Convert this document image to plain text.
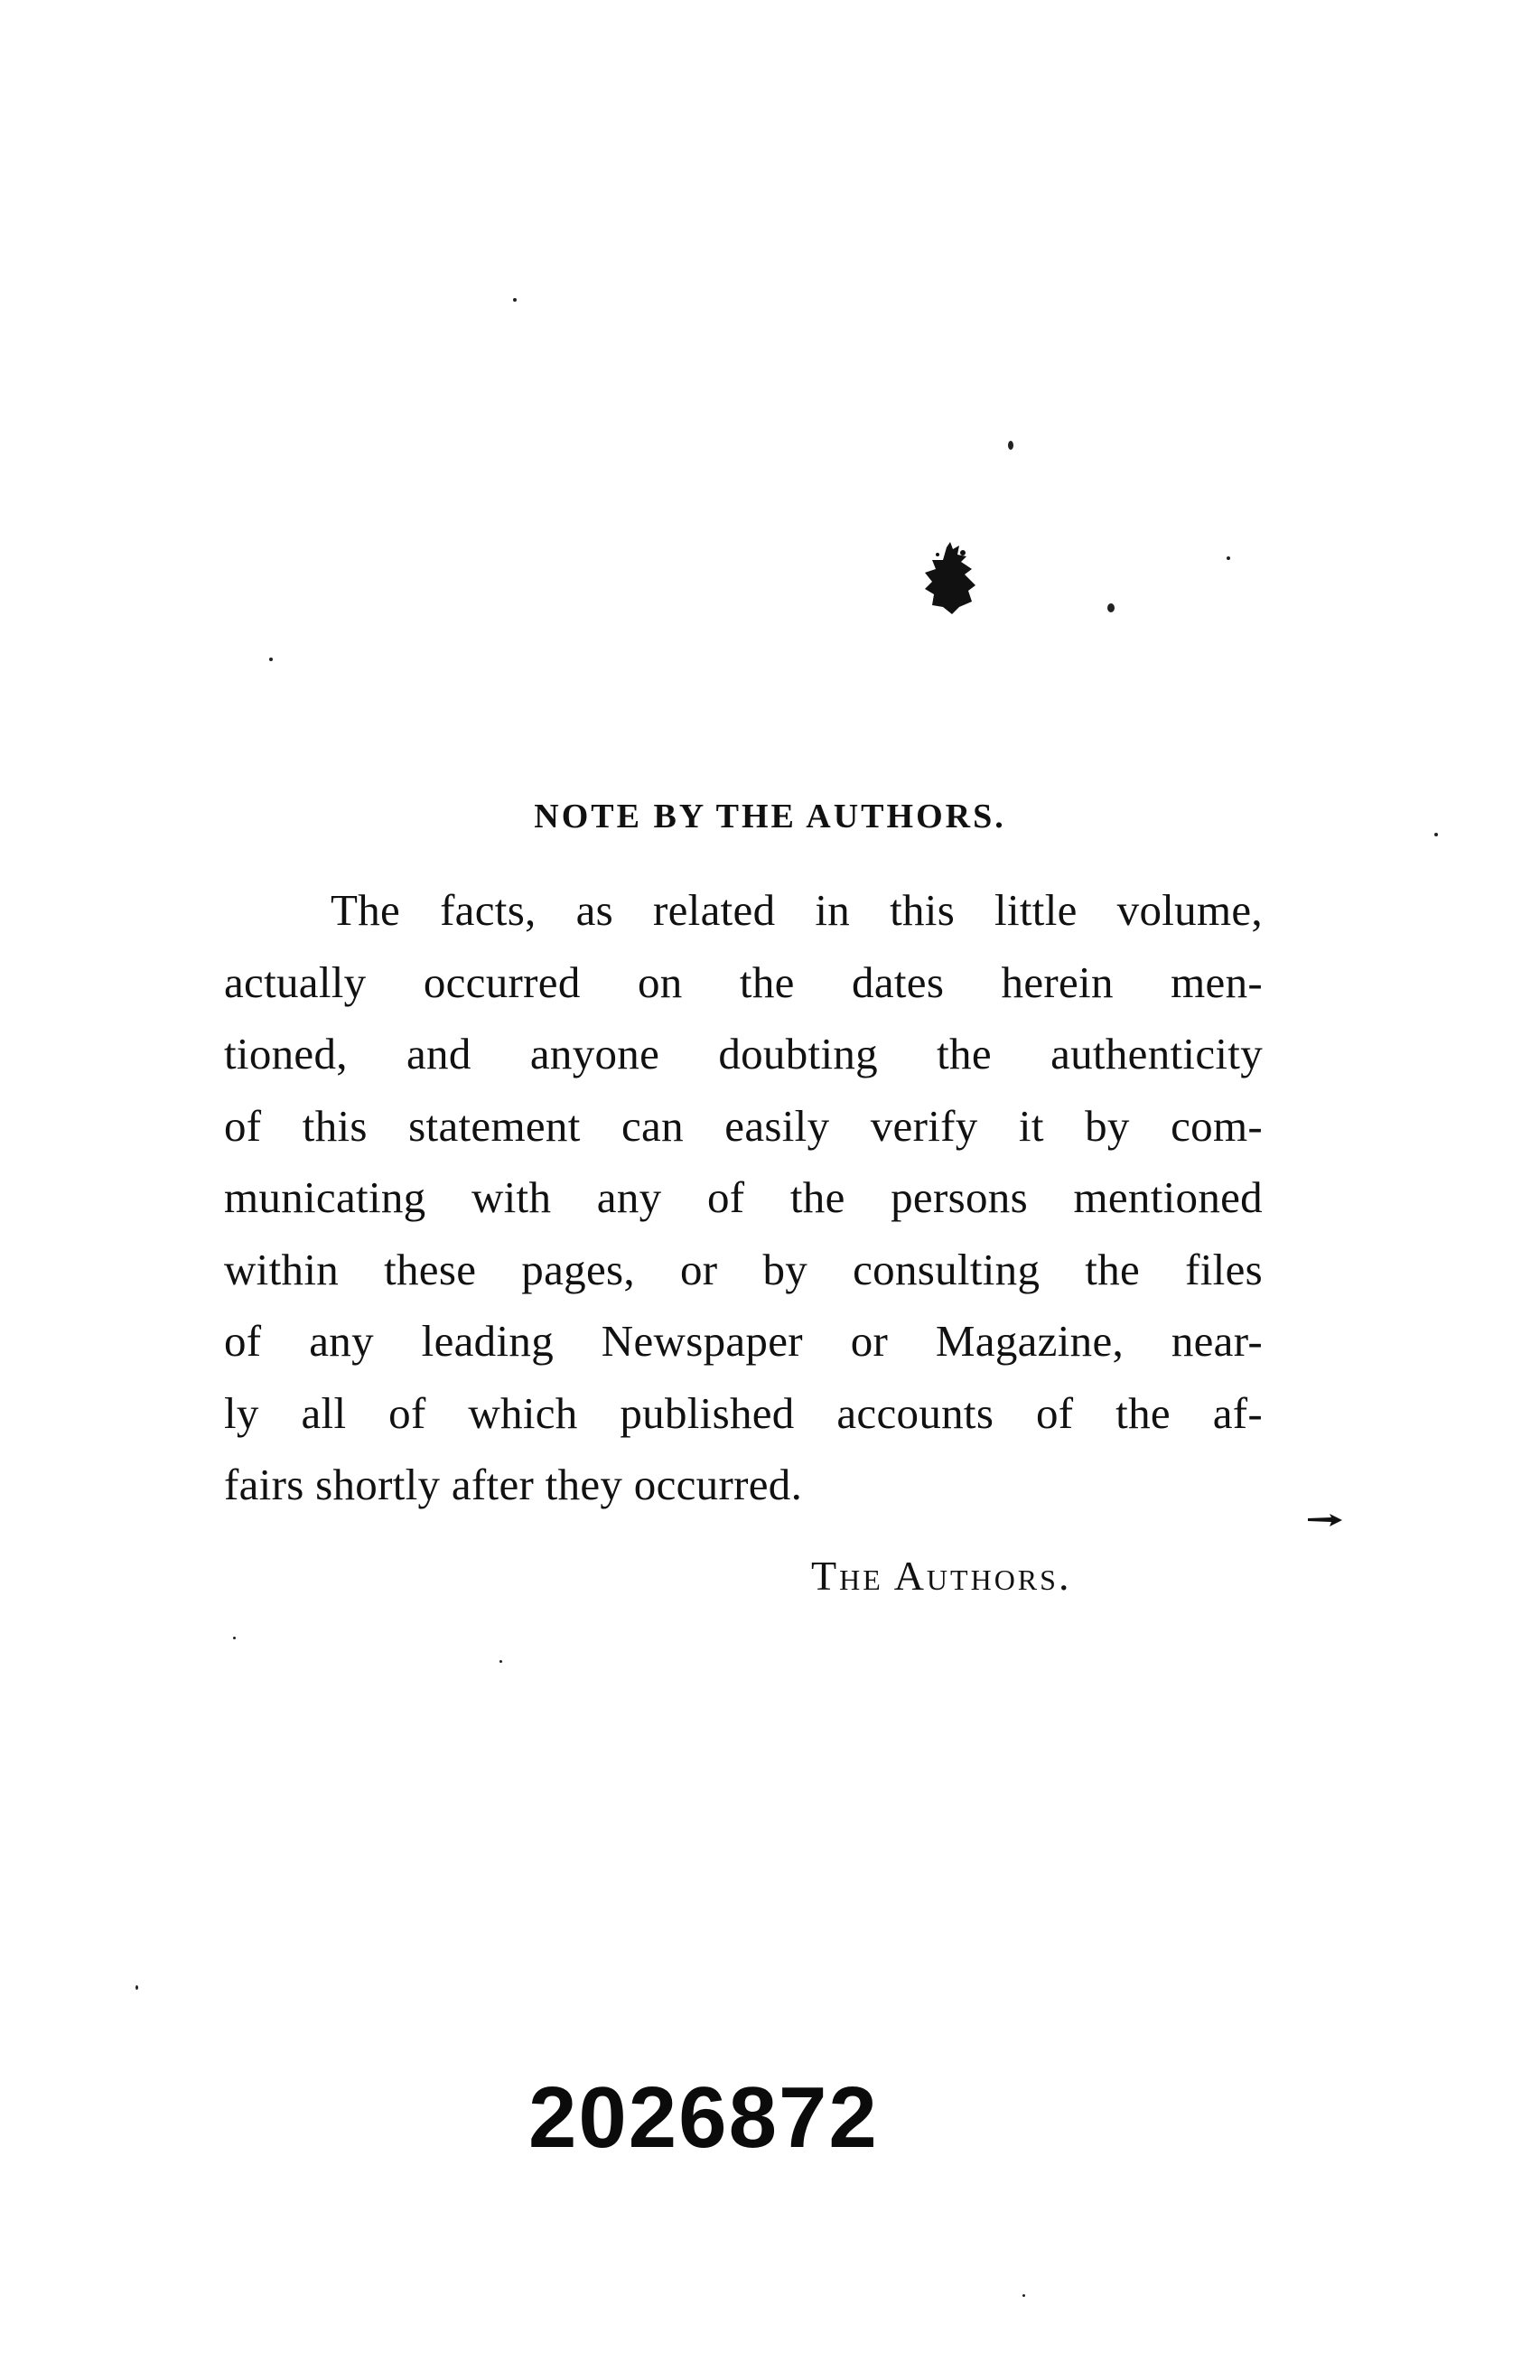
NOTE BY THE AUTHORS.
The facts, as related in this little volume,
actually occurred on the dates herein men-
tioned, and anyone doubting the authenticity
of this statement can easily verify it by com-
municating with any of the persons mentioned
within these pages, or by consulting the files
of any leading Newspaper or Magazine, near-
ly all of which published accounts of the af-
fairs shortly after they occurred.
The Authors.
2026872
